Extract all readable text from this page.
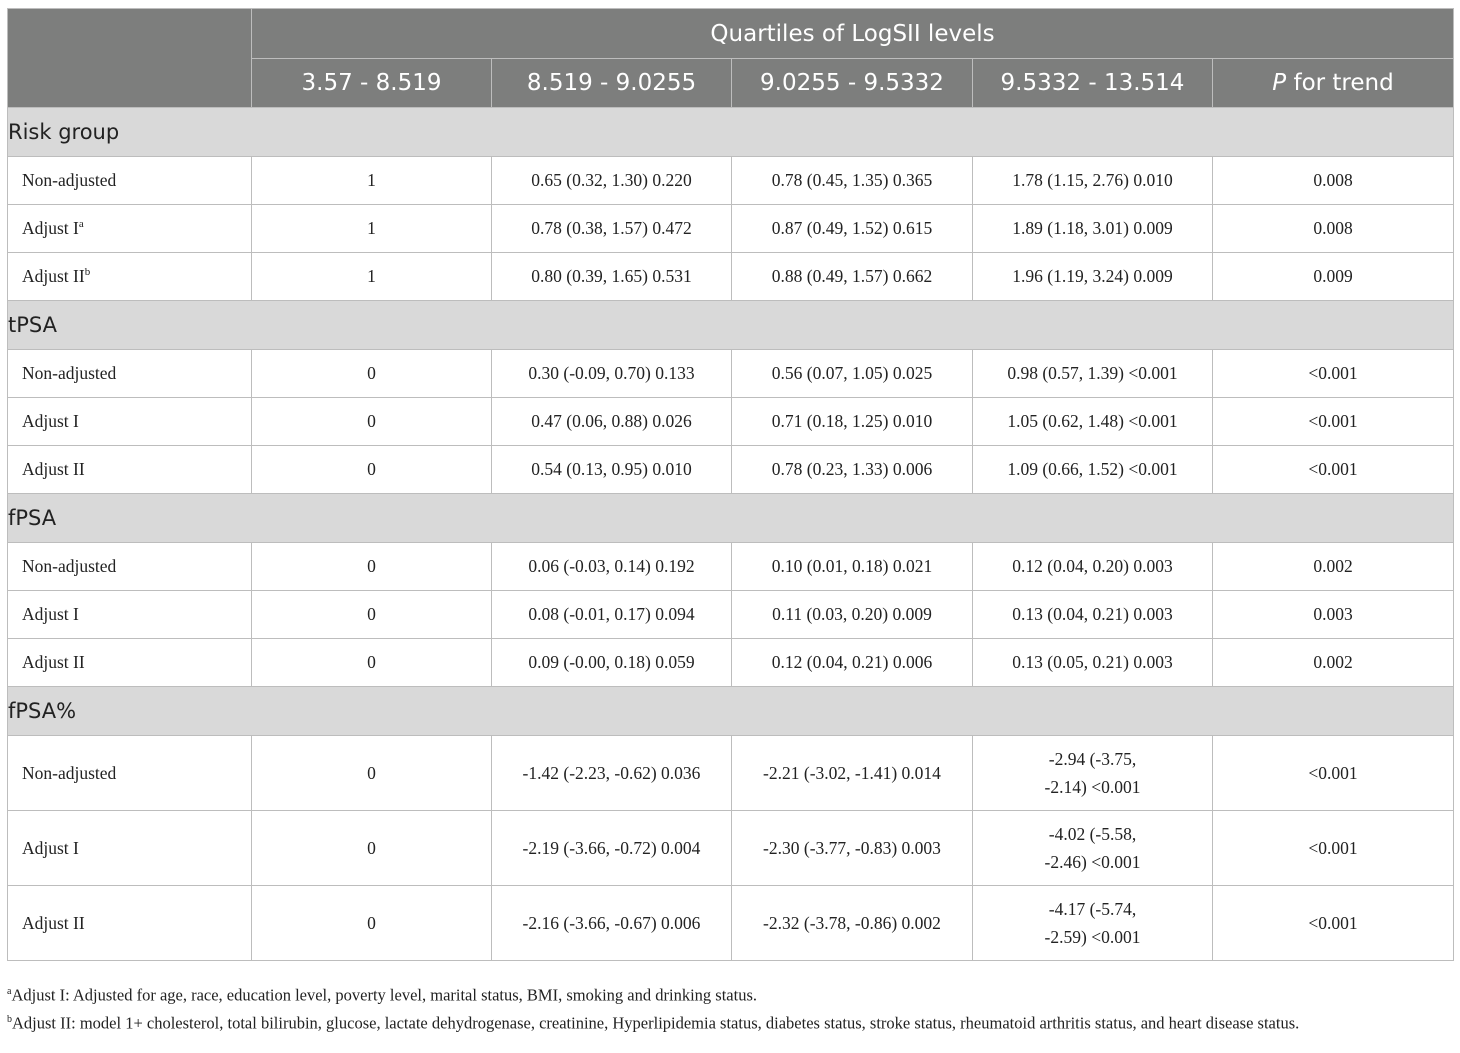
	Quartiles of LogSII levels				
	3.57 - 8.519	8.519 - 9.0255	9.0255 - 9.5332	9.5332 - 13.514	P for trend
Risk group					
Non-adjusted	1	0.65 (0.32, 1.30) 0.220	0.78 (0.45, 1.35) 0.365	1.78 (1.15, 2.76) 0.010	0.008
Adjust $I^a$	1	0.78 (0.38, 1.57) 0.472	0.87 (0.49, 1.52) 0.615	1.89 (1.18, 3.01) 0.009	0.008
Adjust $II^b$	1	0.80 (0.39, 1.65) 0.531	0.88 (0.49, 1.57) 0.662	1.96 (1.19, 3.24) 0.009	0.009
tPSA					
Non-adjusted	0	0.30 (-0.09, 0.70) 0.133	0.56 (0.07, 1.05) 0.025	0.98 (0.57, 1.39) <0.001	<0.001
Adjust I	0	0.47 (0.06, 0.88) 0.026	0.71 (0.18, 1.25) 0.010	1.05 (0.62, 1.48) <0.001	<0.001
Adjust II	0	0.54 (0.13, 0.95) 0.010	0.78 (0.23, 1.33) 0.006	1.09 (0.66, 1.52) <0.001	<0.001
fPSA					
Non-adjusted	0	0.06 (-0.03, 0.14) 0.192	0.10 (0.01, 0.18) 0.021	0.12 (0.04, 0.20) 0.003	0.002
Adjust I	0	0.08 (-0.01, 0.17) 0.094	0.11 (0.03, 0.20) 0.009	0.13 (0.04, 0.21) 0.003	0.003
Adjust II	0	0.09 (-0.00, 0.18) 0.059	0.12 (0.04, 0.21) 0.006	0.13 (0.05, 0.21) 0.003	0.002
fPSA%					
Non-adjusted	0	-1.42 (-2.23, -0.62) 0.036	-2.21 (-3.02, -1.41) 0.014	-2.94 (-3.75,
-2.14) <0.001	<0.001
Adjust I	0	-2.19 (-3.66, -0.72) 0.004	-2.30 (-3.77, -0.83) 0.003	-4.02 (-5.58,
-2.46) <0.001	<0.001
Adjust II	0	-2.16 (-3.66, -0.67) 0.006	-2.32 (-3.78, -0.86) 0.002	-4.17 (-5.74,
-2.59) <0.001	<0.001

$^a$Adjust I: Adjusted for age, race, education level, poverty level, marital status, BMI, smoking and drinking status.

$^b$Adjust II: model 1+ cholesterol, total bilirubin, glucose, lactate dehydrogenase, creatinine, Hyperlipidemia status, diabetes status, stroke status, rheumatoid arthritis status, and heart disease status.
